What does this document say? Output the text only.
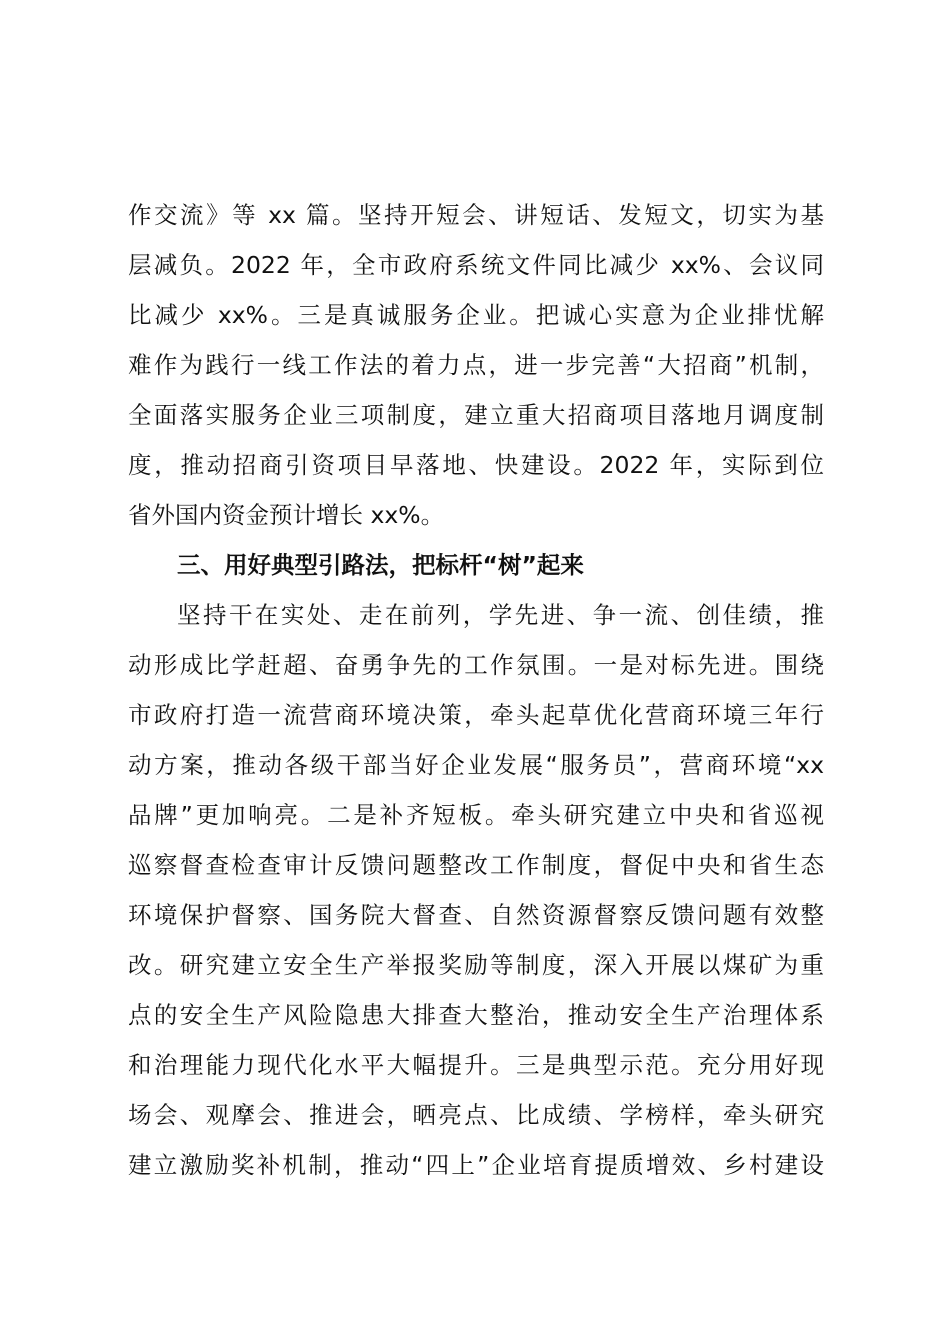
作交流》等 xx 篇。坚持开短会、讲短话、发短文，切实为基
层减负。2022 年，全市政府系统文件同比减少 xx%、会议同
比减少 xx%。三是真诚服务企业。把诚心实意为企业排忧解
难作为践行一线工作法的着力点，进一步完善“大招商”机制，
全面落实服务企业三项制度，建立重大招商项目落地月调度制
度，推动招商引资项目早落地、快建设。2022 年，实际到位
省外国内资金预计增长 xx%。
三、用好典型引路法，把标杆“树”起来
坚持干在实处、走在前列，学先进、争一流、创佳绩，推
动形成比学赶超、奋勇争先的工作氛围。一是对标先进。围绕
市政府打造一流营商环境决策，牵头起草优化营商环境三年行
动方案，推动各级干部当好企业发展“服务员”，营商环境“xx
品牌”更加响亮。二是补齐短板。牵头研究建立中央和省巡视
巡察督查检查审计反馈问题整改工作制度，督促中央和省生态
环境保护督察、国务院大督查、自然资源督察反馈问题有效整
改。研究建立安全生产举报奖励等制度，深入开展以煤矿为重
点的安全生产风险隐患大排查大整治，推动安全生产治理体系
和治理能力现代化水平大幅提升。三是典型示范。充分用好现
场会、观摩会、推进会，晒亮点、比成绩、学榜样，牵头研究
建立激励奖补机制，推动“四上”企业培育提质增效、乡村建设
